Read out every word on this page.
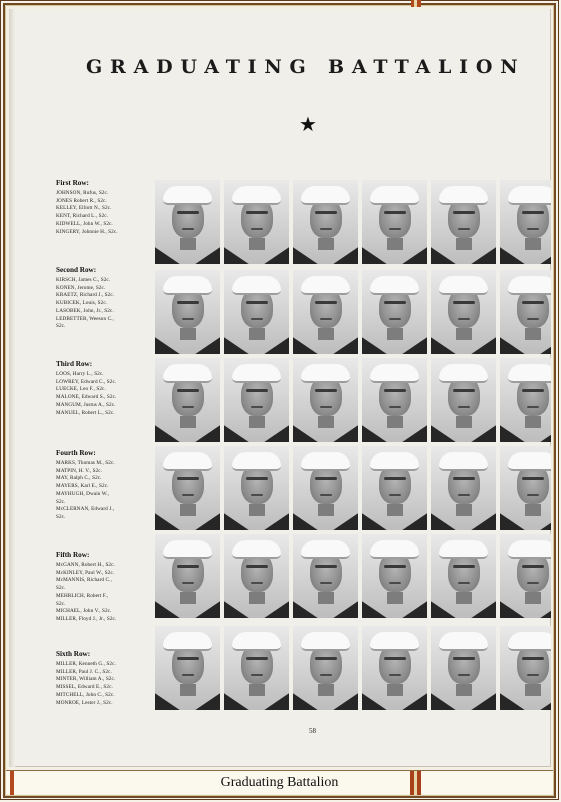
GRADUATING BATTALION
★
First Row:
JOHNSON, Rufus, S2c.
JONES Robert R., S2c.
KELLEY, Elliott N., S2c.
KENT, Richard L., S2c.
KIDWELL, John W., S2c.
KINGERY, Johnnie H., S2c.
Second Row:
KIRSCH, James C., S2c.
KONEN, Jerome, S2c.
KRAETZ, Richard J., S2c.
KUBICEK, Louis, S2c.
LASOBEK, John, Jr., S2c.
LEDBETTER, Weeson C.,
S2c.
Third Row:
LOOS, Harry L., S2c.
LOWREY, Edward C., S2c.
LUECKE, Leo F., S2c.
MALONE, Edward S., S2c.
MANGUM, Justus A., S2c.
MANUEL, Robert L., S2c.
Fourth Row:
MARKS, Thomas M., S2c.
MATPIN, H. V., S2c.
MAY, Ralph C., S2c.
MAYERS, Karl E., S2c.
MAYHUGH, Dwain W.,
S2c.
McCLERNAN, Edward J.,
S2c.
Fifth Row:
McGANN, Robert H., S2c.
McKINLEY, Paul W., S2c.
McMANNIS, Richard C.,
S2c.
MEHRLICH, Robert F.,
S2c.
MICHAEL, John V., S2c.
MILLER, Floyd J., Jr., S2c.
Sixth Row:
MILLER, Kenneth G., S2c.
MILLER, Paul J. C., S2c.
MINTER, William A., S2c.
MISSEL, Edward E., S2c.
MITCHELL, John C., S2c.
MONROE, Lester J., S2c.
58
Graduating Battalion
